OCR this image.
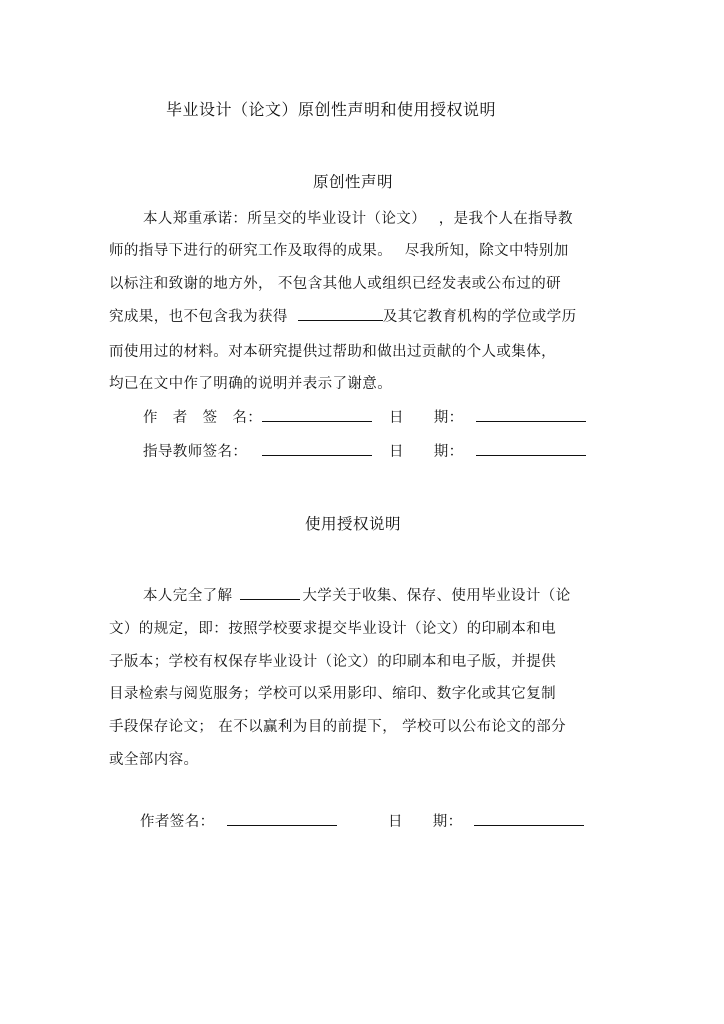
毕业设计（论文）原创性声明和使用授权说明
原创性声明
本人郑重承诺：所呈交的毕业设计（论文）　 ，是我个人在指导教
师的指导下进行的研究工作及取得的成果。　 尽我所知，除文中特别加
以标注和致谢的地方外， 不包含其他人或组织已经发表或公布过的研
究成果，也不包含我为获得	及其它教育机构的学位或学历
而使用过的材料。对本研究提供过帮助和做出过贡献的个人或集体，
均已在文中作了明确的说明并表示了谢意。
作　者　签　名：	日　　期：
指导教师签名：	日　　期：
使用授权说明
本人完全了解	大学关于收集、保存、使用毕业设计（论
文）的规定，即：按照学校要求提交毕业设计（论文）的印刷本和电
子版本；学校有权保存毕业设计（论文）的印刷本和电子版，并提供
目录检索与阅览服务；学校可以采用影印、缩印、数字化或其它复制
手段保存论文； 在不以赢利为目的前提下， 学校可以公布论文的部分
或全部内容。
作者签名：	日　　期：
